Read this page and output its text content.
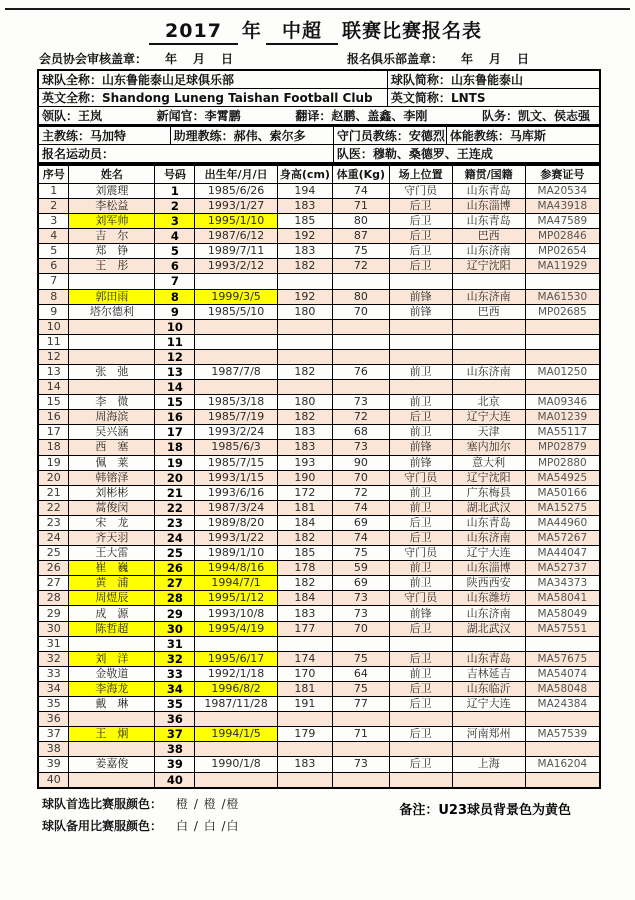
2017 年 中超 联赛比赛报名表
会员协会审核盖章： 年　月　日	报名俱乐部盖章： 年　月　日
球队全称：山东鲁能泰山足球俱乐部	球队简称：山东鲁能泰山
英文全称：Shandong Luneng Taishan Football Club	英文简称：LNTS

领队：王岚 新闻官：李霄鹏 翻译：赵鹏、盖鑫、李刚 队务：凯文、侯志强	
主教练：马加特	助理教练：郝伟、索尔多	守门员教练：安德烈	体能教练：马库斯
报名运动员：		队医：穆勒、桑德罗、王连成	
序号	姓名	号码	出生年/月/日	身高(cm)	体重(Kg)	场上位置	籍贯/国籍	参赛证号
1	刘震理	1	1985/6/26	194	74	守门员	山东青岛	MA20534
2	李松益	2	1993/1/27	183	71	后卫	山东淄博	MA43918
3	刘军帅	3	1995/1/10	185	80	后卫	山东青岛	MA47589
4	吉　尔	4	1987/6/12	192	87	后卫	巴西	MP02846
5	郑　铮	5	1989/7/11	183	75	后卫	山东济南	MP02654
6	王　彤	6	1993/2/12	182	72	后卫	辽宁沈阳	MA11929
7		7						
8	郭田雨	8	1999/3/5	192	80	前锋	山东济南	MA61530
9	塔尔德利	9	1985/5/10	180	70	前锋	巴西	MP02685
10		10						
11		11						
12		12						
13	张　弛	13	1987/7/8	182	76	前卫	山东济南	MA01250
14		14						
15	李　微	15	1985/3/18	180	73	前卫	北京	MA09346
16	周海滨	16	1985/7/19	182	72	后卫	辽宁大连	MA01239
17	吴兴涵	17	1993/2/24	183	68	前卫	天津	MA55117
18	西　塞	18	1985/6/3	183	73	前锋	塞内加尔	MP02879
19	佩　莱	19	1985/7/15	193	90	前锋	意大利	MP02880
20	韩镕泽	20	1993/1/15	190	70	守门员	辽宁沈阳	MA54925
21	刘彬彬	21	1993/6/16	172	72	前卫	广东梅县	MA50166
22	蒿俊闵	22	1987/3/24	181	74	前卫	湖北武汉	MA15275
23	宋　龙	23	1989/8/20	184	69	后卫	山东青岛	MA44960
24	齐天羽	24	1993/1/22	182	74	后卫	山东济南	MA57267
25	王大雷	25	1989/1/10	185	75	守门员	辽宁大连	MA44047
26	崔　巍	26	1994/8/16	178	59	前卫	山东淄博	MA52737
27	黄　浦	27	1994/7/1	182	69	前卫	陕西西安	MA34373
28	周煜辰	28	1995/1/12	184	73	守门员	山东潍坊	MA58041
29	成　源	29	1993/10/8	183	73	前锋	山东济南	MA58049
30	陈哲超	30	1995/4/19	177	70	后卫	湖北武汉	MA57551
31		31						
32	刘　洋	32	1995/6/17	174	75	后卫	山东青岛	MA57675
33	金敬道	33	1992/1/18	170	64	前卫	吉林延吉	MA54074
34	李海龙	34	1996/8/2	181	75	后卫	山东临沂	MA58048
35	戴　琳	35	1987/11/28	191	77	后卫	辽宁大连	MA24384
36		36						
37	王　炯	37	1994/1/5	179	71	后卫	河南郑州	MA57539
38		38						
39	姜嘉俊	39	1990/1/8	183	73	后卫	上海	MA16204
40		40						
球队首选比赛服颜色： 橙 / 橙 /橙
球队备用比赛服颜色： 白 / 白 /白
备注：U23球员背景色为黄色
